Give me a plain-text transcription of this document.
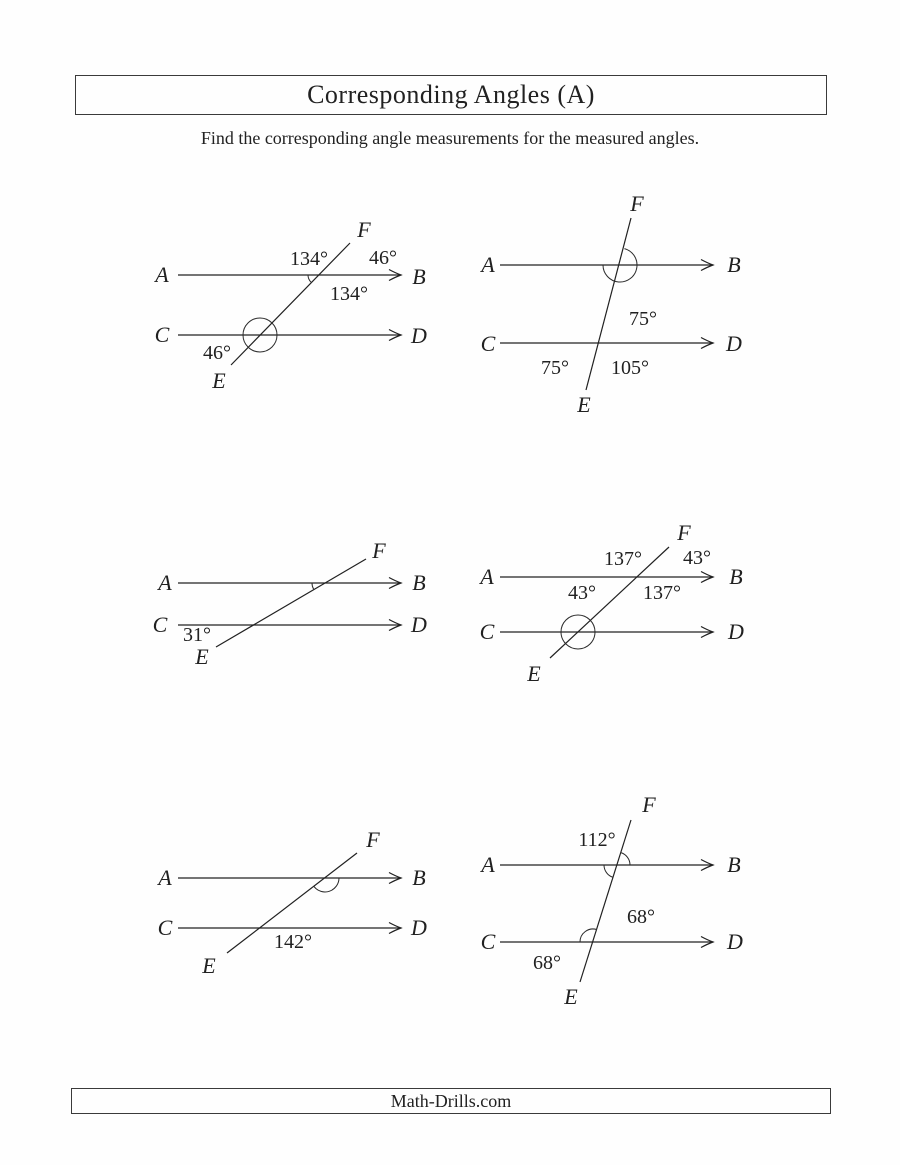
Corresponding Angles (A)
Find the corresponding angle measurements for the measured angles.
A	B
C	D
F
E
134° 46°
134°
46°
A	B
C	D
F
E
75°
75° 105°
A	B
C	D
F
E
31°
A	B
C	D
F
E
137° 43°
43° 137°
A	B
C	D
F
E
142°
A	B
C	D
F
E
112°
68°
68°
Math-Drills.com
